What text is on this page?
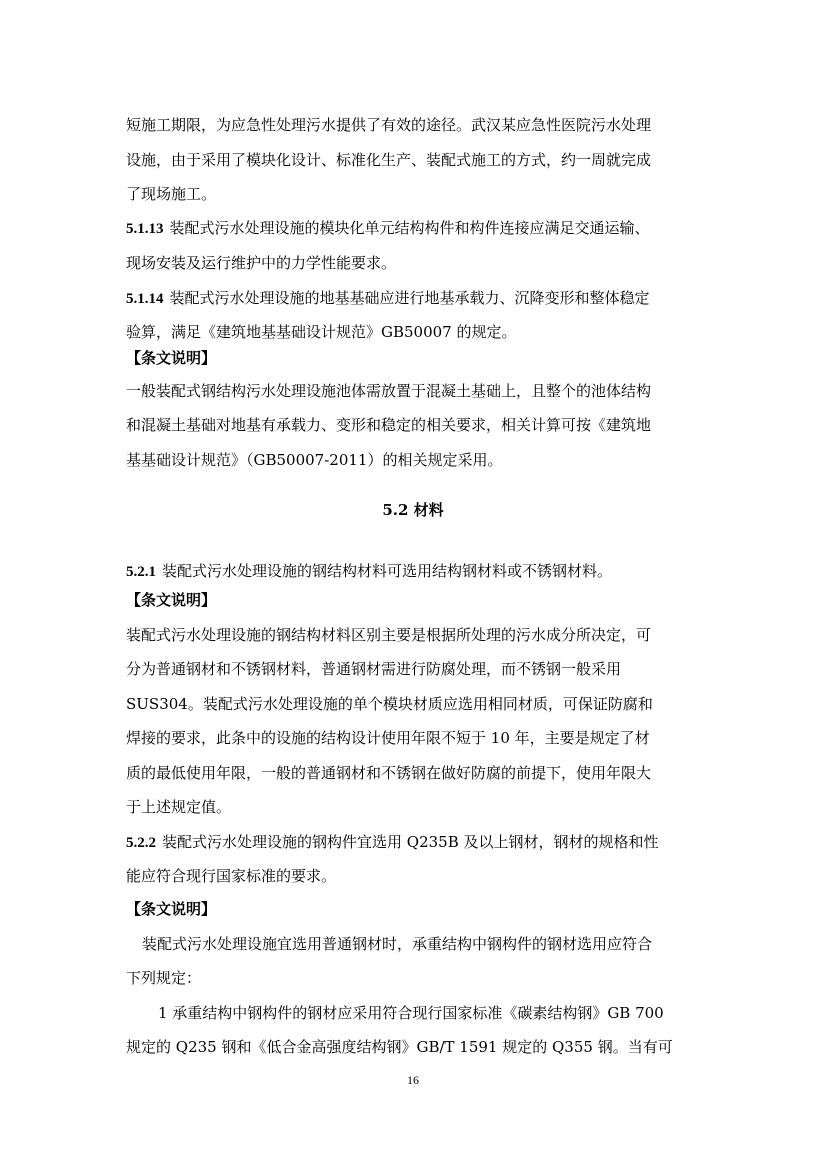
短施工期限，为应急性处理污水提供了有效的途径。武汉某应急性医院污水处理
设施，由于采用了模块化设计、标准化生产、装配式施工的方式，约一周就完成
了现场施工。
5.1.13 装配式污水处理设施的模块化单元结构构件和构件连接应满足交通运输、
现场安装及运行维护中的力学性能要求。
5.1.14 装配式污水处理设施的地基基础应进行地基承载力、沉降变形和整体稳定
验算，满足《建筑地基基础设计规范》GB50007 的规定。
【条文说明】
一般装配式钢结构污水处理设施池体需放置于混凝土基础上，且整个的池体结构
和混凝土基础对地基有承载力、变形和稳定的相关要求，相关计算可按《建筑地
基基础设计规范》（GB50007-2011）的相关规定采用。
5.2 材料
5.2.1 装配式污水处理设施的钢结构材料可选用结构钢材料或不锈钢材料。
【条文说明】
装配式污水处理设施的钢结构材料区别主要是根据所处理的污水成分所决定，可
分为普通钢材和不锈钢材料，普通钢材需进行防腐处理，而不锈钢一般采用
SUS304。装配式污水处理设施的单个模块材质应选用相同材质，可保证防腐和
焊接的要求，此条中的设施的结构设计使用年限不短于 10 年，主要是规定了材
质的最低使用年限，一般的普通钢材和不锈钢在做好防腐的前提下，使用年限大
于上述规定值。
5.2.2 装配式污水处理设施的钢构件宜选用 Q235B 及以上钢材，钢材的规格和性
能应符合现行国家标准的要求。
【条文说明】
装配式污水处理设施宜选用普通钢材时，承重结构中钢构件的钢材选用应符合
下列规定：
1 承重结构中钢构件的钢材应采用符合现行国家标准《碳素结构钢》GB 700
规定的 Q235 钢和《低合金高强度结构钢》GB/T 1591 规定的 Q355 钢。当有可
16
